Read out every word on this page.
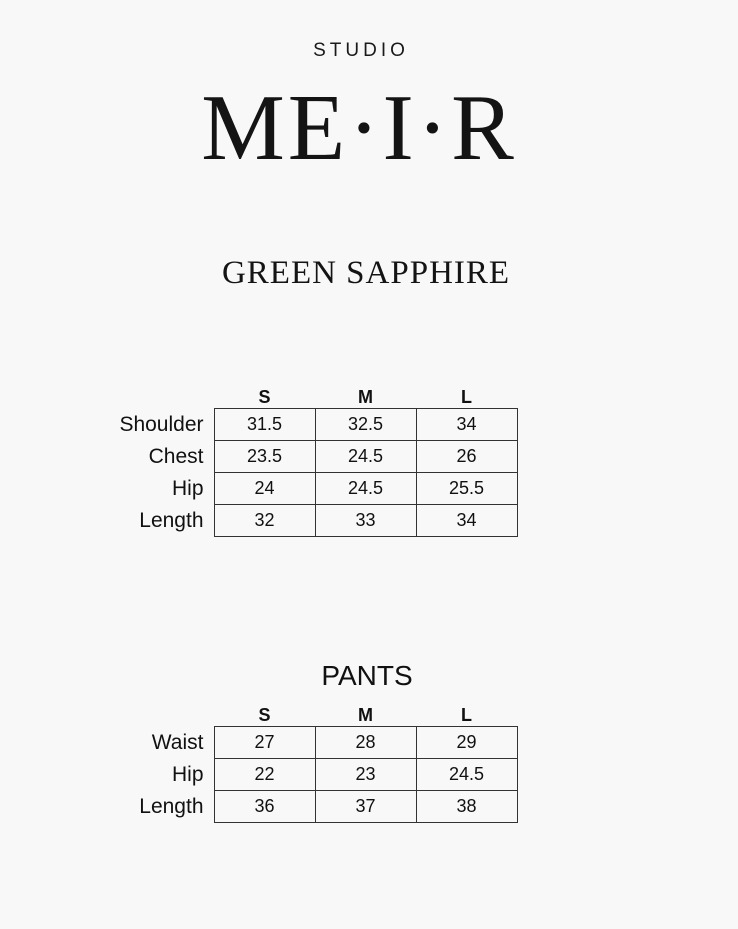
STUDIO
ME·I·R
GREEN SAPPHIRE
	S	M	L
Shoulder	31.5	32.5	34
Chest	23.5	24.5	26
Hip	24	24.5	25.5
Length	32	33	34
PANTS
	S	M	L
Waist	27	28	29
Hip	22	23	24.5
Length	36	37	38
